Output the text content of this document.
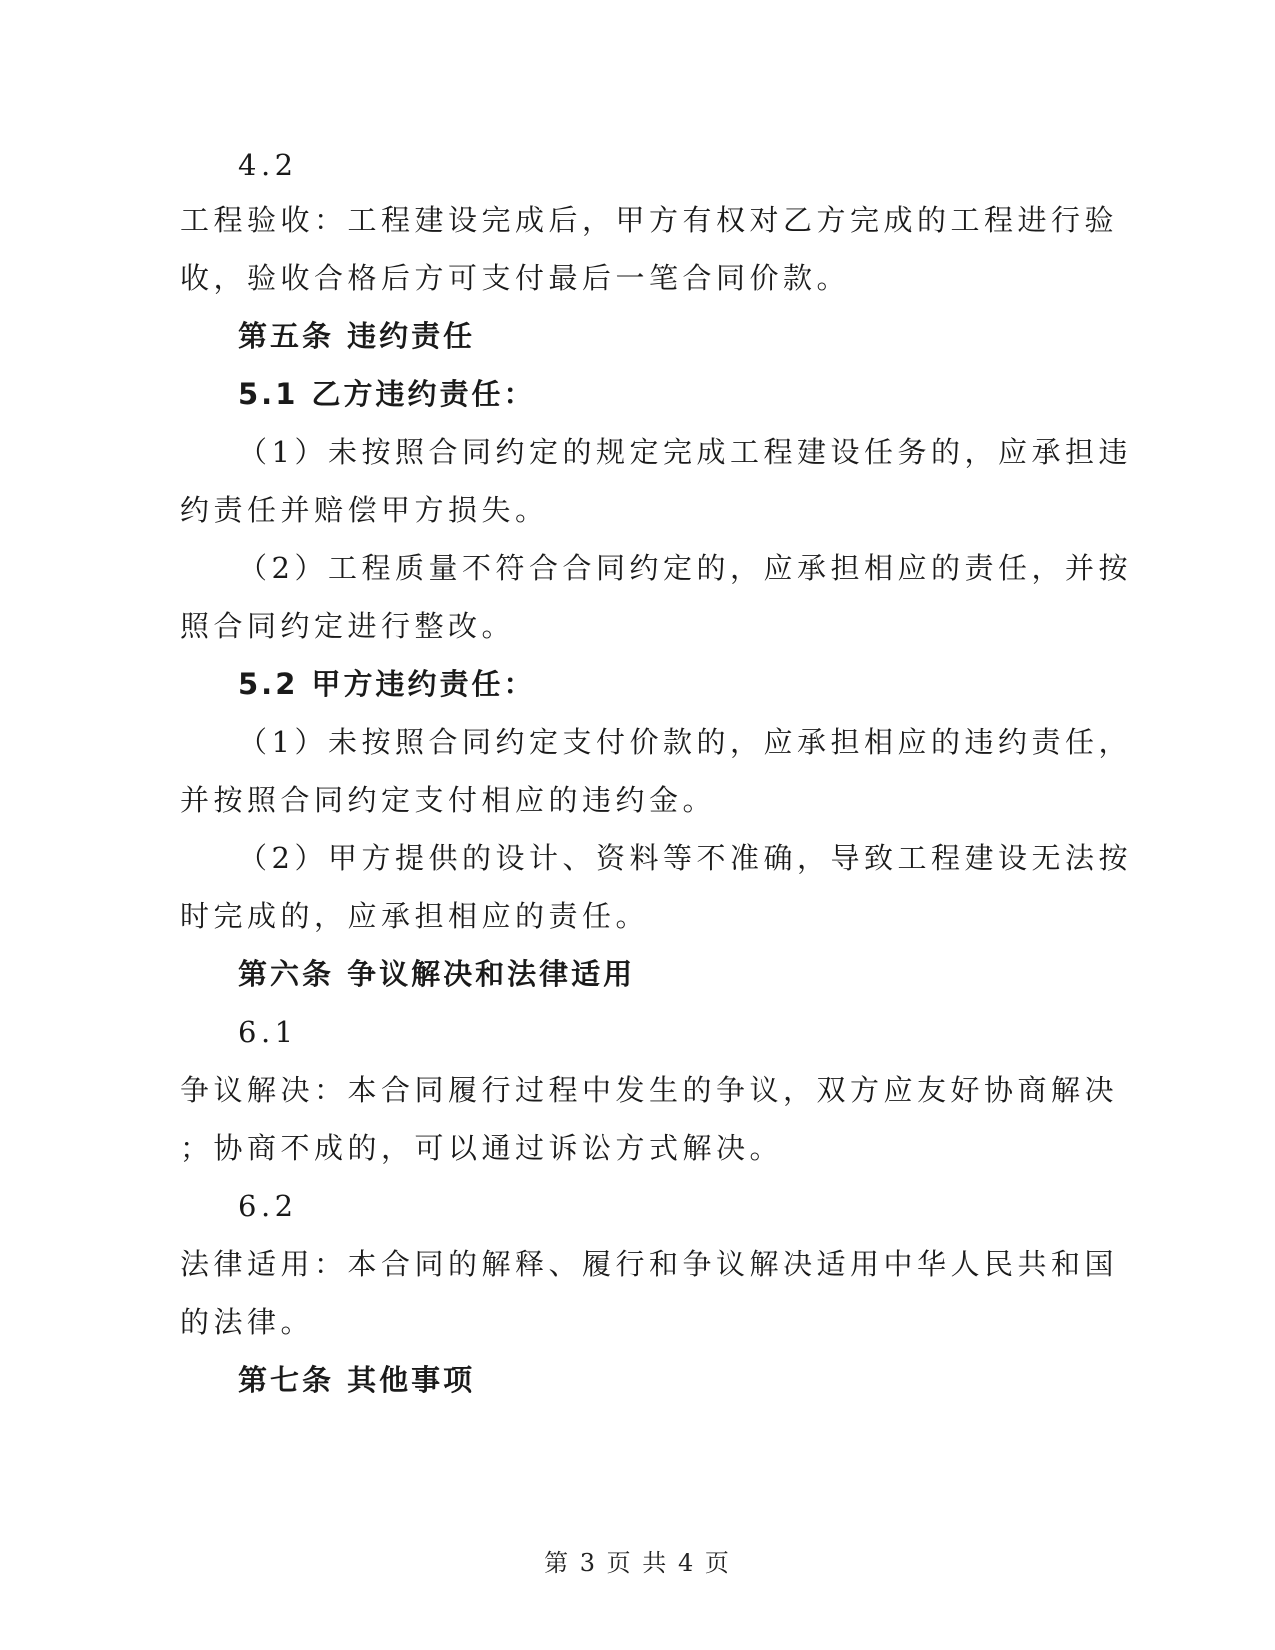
4.2

工程验收：工程建设完成后，甲方有权对乙方完成的工程进行验

收，验收合格后方可支付最后一笔合同价款。

第五条 违约责任

5.1 乙方违约责任：

（1）未按照合同约定的规定完成工程建设任务的，应承担违

约责任并赔偿甲方损失。

（2）工程质量不符合合同约定的，应承担相应的责任，并按

照合同约定进行整改。

5.2 甲方违约责任：

（1）未按照合同约定支付价款的，应承担相应的违约责任，

并按照合同约定支付相应的违约金。

（2）甲方提供的设计、资料等不准确，导致工程建设无法按

时完成的，应承担相应的责任。

第六条 争议解决和法律适用

6.1

争议解决：本合同履行过程中发生的争议，双方应友好协商解决

；协商不成的，可以通过诉讼方式解决。

6.2

法律适用：本合同的解释、履行和争议解决适用中华人民共和国

的法律。

第七条 其他事项

第 3 页 共 4 页
